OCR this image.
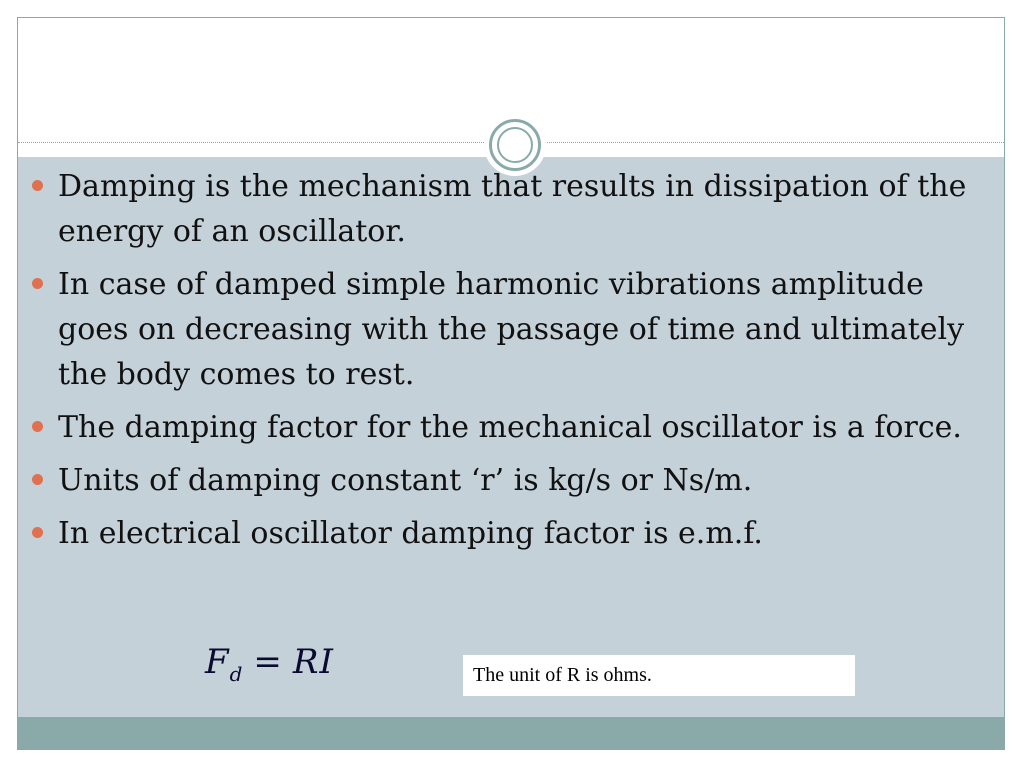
Damping is the mechanism that results in dissipation of the energy of an oscillator.
In case of damped simple harmonic vibrations amplitude goes on decreasing with the passage of time and ultimately the body comes to rest.
The damping factor for the mechanical oscillator is a force.
Units of damping constant ‘r’ is kg/s or Ns/m.
In electrical oscillator damping factor is e.m.f.
$F_d$ = RI	The unit of R is ohms.
